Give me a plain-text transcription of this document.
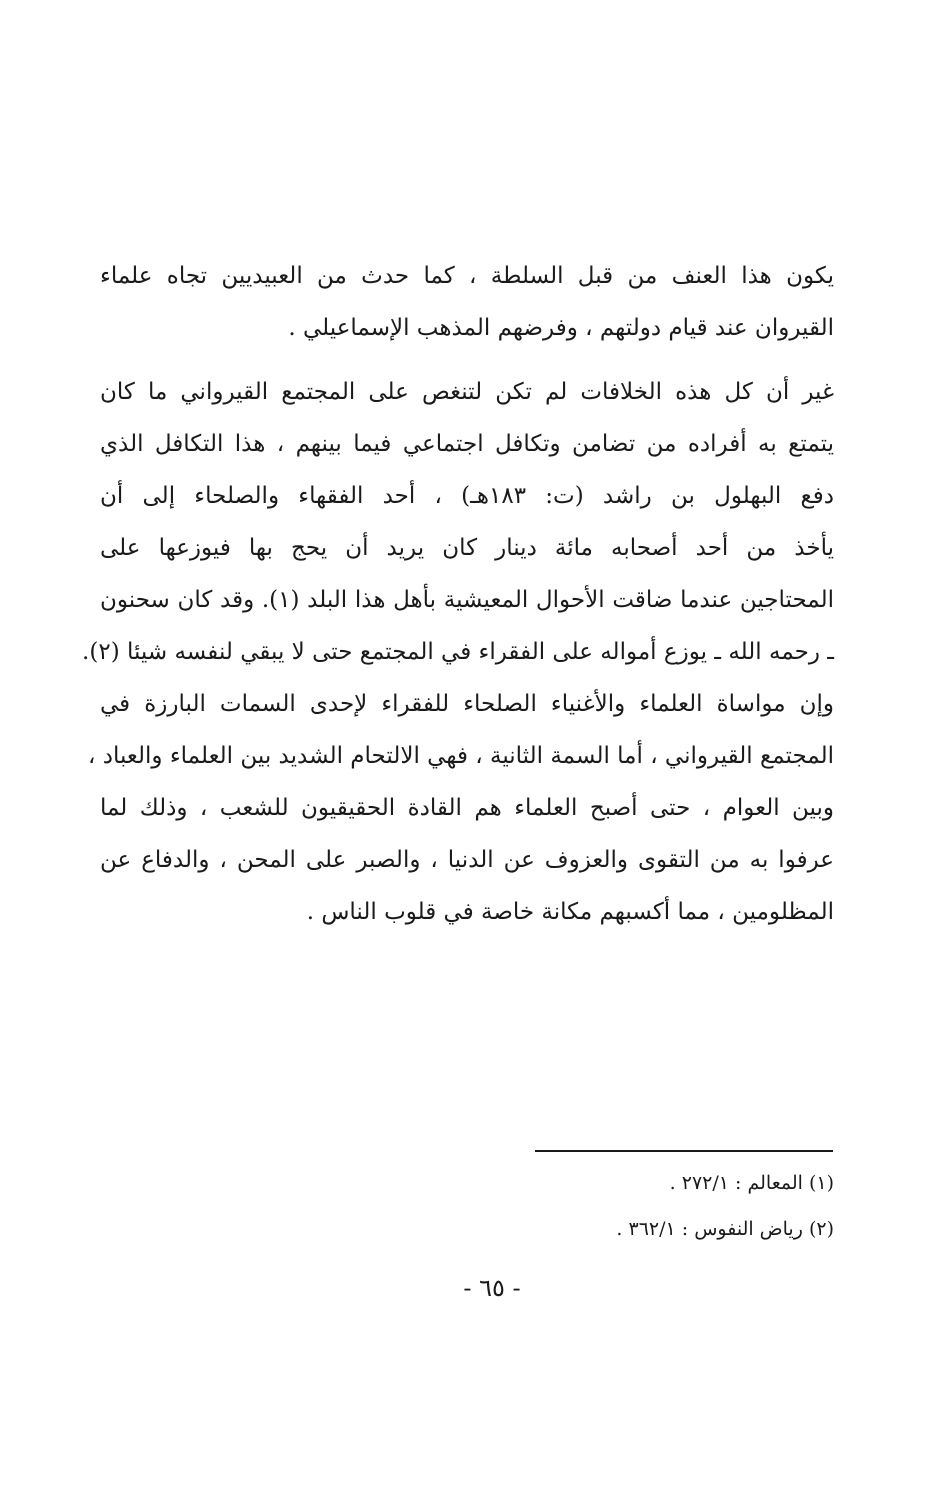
يكون هذا العنف من قبل السلطة ، كما حدث من العبيديين تجاه علماء
القيروان عند قيام دولتهم ، وفرضهم المذهب الإسماعيلي .
غير أن كل هذه الخلافات لم تكن لتنغص على المجتمع القيرواني ما كان
يتمتع به أفراده من تضامن وتكافل اجتماعي فيما بينهم ، هذا التكافل الذي
دفع البهلول بن راشد (ت: ١٨٣هـ) ، أحد الفقهاء والصلحاء إلى أن
يأخذ من أحد أصحابه مائة دينار كان يريد أن يحج بها فيوزعها على
المحتاجين عندما ضاقت الأحوال المعيشية بأهل هذا البلد (١). وقد كان سحنون
ـ رحمه الله ـ يوزع أمواله على الفقراء في المجتمع حتى لا يبقي لنفسه شيئا (٢).
وإن مواساة العلماء والأغنياء الصلحاء للفقراء لإحدى السمات البارزة في
المجتمع القيرواني ، أما السمة الثانية ، فهي الالتحام الشديد بين العلماء والعباد ،
وبين العوام ، حتى أصبح العلماء هم القادة الحقيقيون للشعب ، وذلك لما
عرفوا به من التقوى والعزوف عن الدنيا ، والصبر على المحن ، والدفاع عن
المظلومين ، مما أكسبهم مكانة خاصة في قلوب الناس .
(١) المعالم : ٢٧٢/١ .
(٢) رياض النفوس : ٣٦٢/١ .
- ٦٥ -
